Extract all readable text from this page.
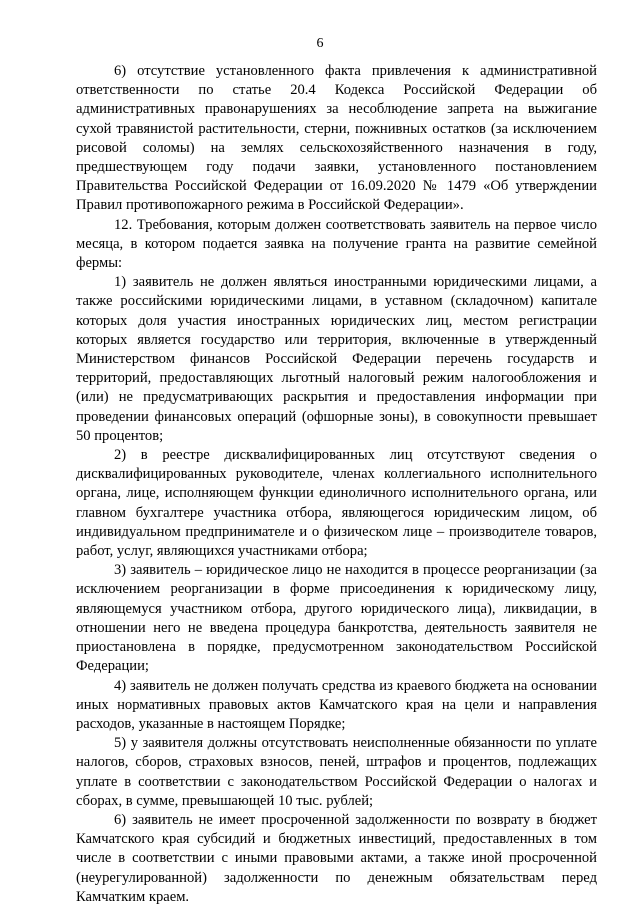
6

6) отсутствие установленного факта привлечения к административной ответственности по статье 20.4 Кодекса Российской Федерации об административных правонарушениях за несоблюдение запрета на выжигание сухой травянистой растительности, стерни, пожнивных остатков (за исключением рисовой соломы) на землях сельскохозяйственного назначения в году, предшествующем году подачи заявки, установленного постановлением Правительства Российской Федерации от 16.09.2020 № 1479 «Об утверждении Правил противопожарного режима в Российской Федерации».

12. Требования, которым должен соответствовать заявитель на первое число месяца, в котором подается заявка на получение гранта на развитие семейной фермы:

1) заявитель не должен являться иностранными юридическими лицами, а также российскими юридическими лицами, в уставном (складочном) капитале которых доля участия иностранных юридических лиц, местом регистрации которых является государство или территория, включенные в утвержденный Министерством финансов Российской Федерации перечень государств и территорий, предоставляющих льготный налоговый режим налогообложения и (или) не предусматривающих раскрытия и предоставления информации при проведении финансовых операций (офшорные зоны), в совокупности превышает 50 процентов;

2) в реестре дисквалифицированных лиц отсутствуют сведения о дисквалифицированных руководителе, членах коллегиального исполнительного органа, лице, исполняющем функции единоличного исполнительного органа, или главном бухгалтере участника отбора, являющегося юридическим лицом, об индивидуальном предпринимателе и о физическом лице – производителе товаров, работ, услуг, являющихся участниками отбора;

3) заявитель – юридическое лицо не находится в процессе реорганизации (за исключением реорганизации в форме присоединения к юридическому лицу, являющемуся участником отбора, другого юридического лица), ликвидации, в отношении него не введена процедура банкротства, деятельность заявителя не приостановлена в порядке, предусмотренном законодательством Российской Федерации;

4) заявитель не должен получать средства из краевого бюджета на основании иных нормативных правовых актов Камчатского края на цели и направления расходов, указанные в настоящем Порядке;

5) у заявителя должны отсутствовать неисполненные обязанности по уплате налогов, сборов, страховых взносов, пеней, штрафов и процентов, подлежащих уплате в соответствии с законодательством Российской Федерации о налогах и сборах, в сумме, превышающей 10 тыс. рублей;

6) заявитель не имеет просроченной задолженности по возврату в бюджет Камчатского края субсидий и бюджетных инвестиций, предоставленных в том числе в соответствии с иными правовыми актами, а также иной просроченной (неурегулированной) задолженности по денежным обязательствам перед Камчатким краем.
